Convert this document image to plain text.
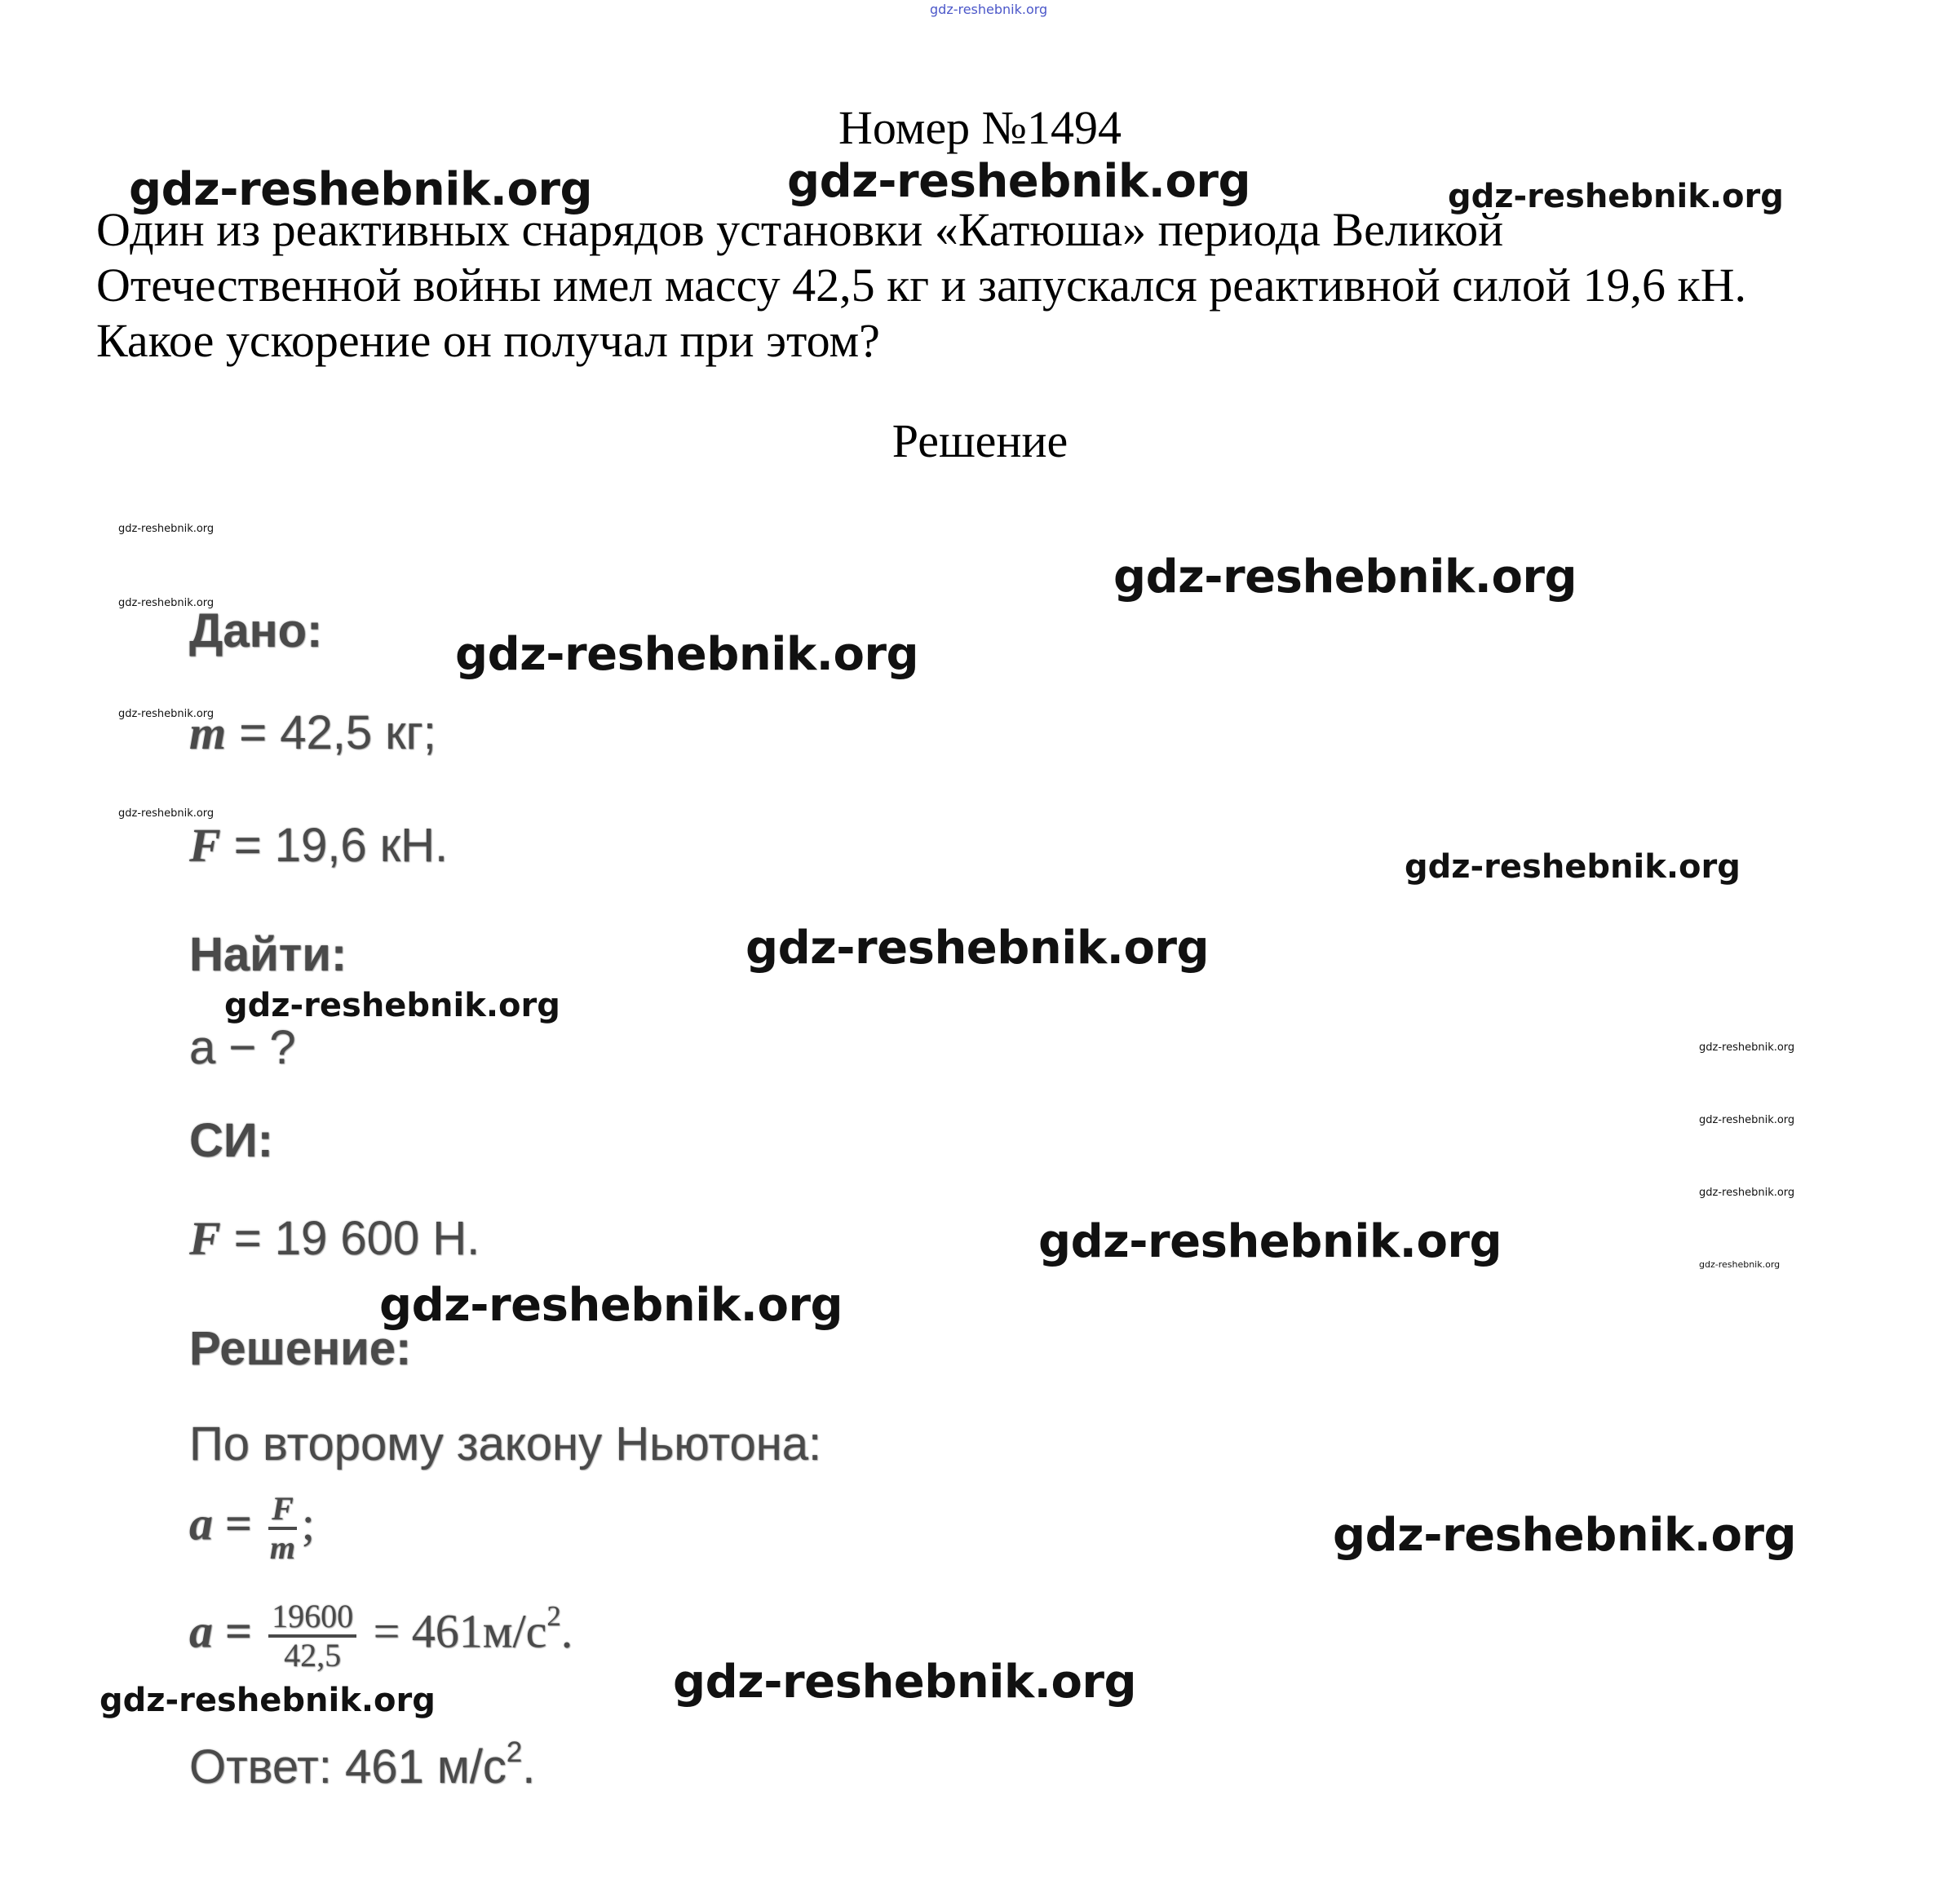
gdz-reshebnik.org
Номер №1494
Один из реактивных снарядов установки «Катюша» периода Великой
Отечественной войны имел массу 42,5 кг и запускался реактивной силой 19,6 кН.
Какое ускорение он получал при этом?
Решение
Дано:
m = 42,5 кг;
F = 19,6 кН.
Найти:
a − ?
СИ:
F = 19 600 Н.
Решение:
По второму закону Ньютона:
$a = \frac{F}{m}$ ;
$a = \frac{19600}{42,5} = 461м/с^2$.
Ответ: 461 $м/с^2$.
gdz-reshebnik.org	gdz-reshebnik.org	gdz-reshebnik.org
gdz-reshebnik.org
gdz-reshebnik.org
gdz-reshebnik.org
gdz-reshebnik.org
gdz-reshebnik.org
gdz-reshebnik.org
gdz-reshebnik.org
gdz-reshebnik.org
gdz-reshebnik.org
gdz-reshebnik.org
gdz-reshebnik.org
gdz-reshebnik.org
gdz-reshebnik.org
gdz-reshebnik.org
gdz-reshebnik.org
gdz-reshebnik.org
gdz-reshebnik.org
gdz-reshebnik.org
